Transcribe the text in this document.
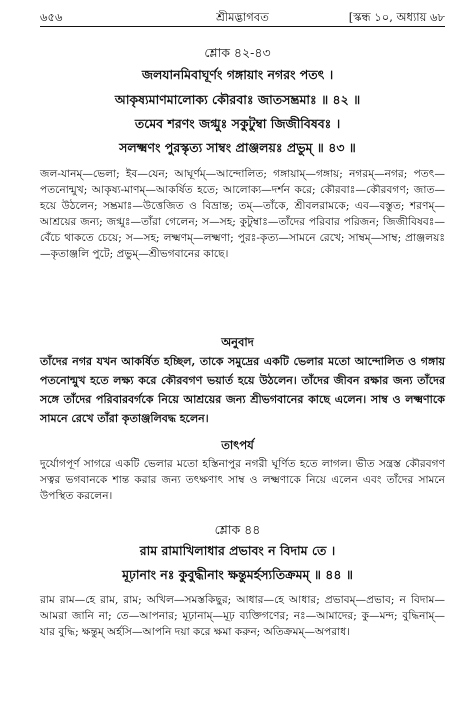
৬৫৬	শ্রীমদ্ভাগবত	[স্কন্ধ ১০, অধ্যায় ৬৮
শ্লোক ৪২-৪৩
জলযানমিবাঘূর্ণং গঙ্গায়াং নগরং পতৎ ।
আকৃষ্যমাণমালোক্য কৌরবাঃ জাতসম্ভ্রমাঃ ॥ ৪২ ॥
তমেব শরণং জগ্মুঃ সকুটুম্বা জিজীবিষবঃ ।
সলক্ষ্মণং পুরস্কৃত্য সাম্বং প্রাঞ্জলয়ঃ প্রভুম্ ॥ ৪৩ ॥
জল-যানম্—ভেলা; ইব—যেন; আঘূর্ণম্—আন্দোলিত; গঙ্গায়াম্—গঙ্গায়; নগরম্—নগর; পতৎ—পতনোন্মুখ; আকৃষ্য-মাণম্—আকর্ষিত হতে; আলোক্য—দর্শন করে; কৌরবাঃ—কৌরবগণ; জাত—হয়ে উঠলেন; সম্ভ্রমাঃ—উত্তেজিত ও বিভ্রান্ত; তম্—তাঁকে, শ্রীবলরামকে; এব—বস্তুত; শরণম্—আশ্রয়ের জন্য; জগ্মুঃ—তাঁরা গেলেন; স—সহ; কুটুম্বাঃ—তাঁদের পরিবার পরিজন; জিজীবিষবঃ—বেঁচে থাকতে চেয়ে; স—সহ; লক্ষ্মণম্—লক্ষ্মণা; পুরঃ-কৃত্য—সামনে রেখে; সাম্বম্—সাম্ব; প্রাঞ্জলয়ঃ—কৃতাঞ্জলি পুটে; প্রভুম্—শ্রীভগবানের কাছে।
অনুবাদ
তাঁদের নগর যখন আকর্ষিত হচ্ছিল, তাকে সমুদ্রের একটি ভেলার মতো আন্দোলিত ও গঙ্গায় পতনোন্মুখ হতে লক্ষ্য করে কৌরবগণ ভয়ার্ত হয়ে উঠলেন। তাঁদের জীবন রক্ষার জন্য তাঁদের সঙ্গে তাঁদের পরিবারবর্গকে নিয়ে আশ্রয়ের জন্য শ্রীভগবানের কাছে এলেন। সাম্ব ও লক্ষ্মণাকে সামনে রেখে তাঁরা কৃতাঞ্জলিবদ্ধ হলেন।
তাৎপর্য
দুর্যোগপূর্ণ সাগরে একটি ভেলার মতো হস্তিনাপুর নগরী ঘূর্ণিত হতে লাগল। ভীত সন্ত্রস্ত কৌরবগণ সত্বর ভগবানকে শান্ত করার জন্য তৎক্ষণাৎ সাম্ব ও লক্ষ্মণাকে নিয়ে এলেন এবং তাঁদের সামনে উপস্থিত করলেন।
শ্লোক ৪৪
রাম রামাখিলাধার প্রভাবং ন বিদাম তে ।
মূঢ়ানাং নঃ কুবুদ্ধীনাং ক্ষন্তুমর্হস্যতিক্রমম্ ॥ ৪৪ ॥
রাম রাম—হে রাম, রাম; অখিল—সমস্তকিছুর; আধার—হে আধার; প্রভাবম্—প্রভাব; ন বিদাম—আমরা জানি না; তে—আপনার; মূঢ়ানাম্—মূঢ় ব্যক্তিগণের; নঃ—আমাদের; কু—মন্দ; বুদ্ধিনাম্—যার বুদ্ধি; ক্ষন্তুম্ অর্হসি—আপনি দয়া করে ক্ষমা করুন; অতিক্রমম্—অপরাধ।
